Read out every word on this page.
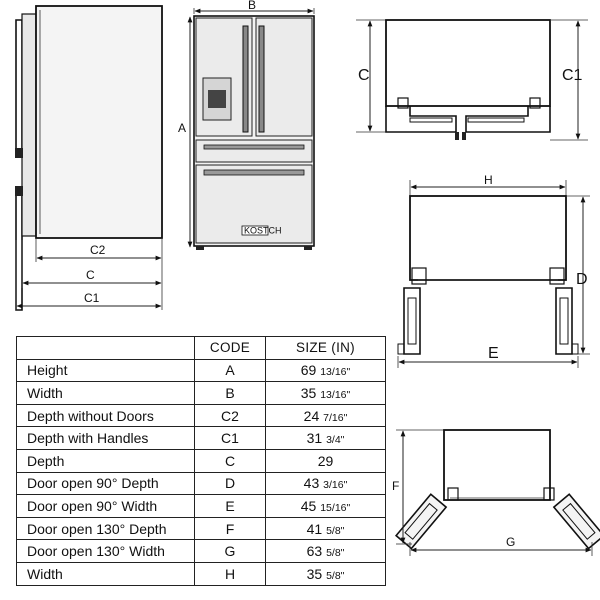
C2
C
C1
B
A
KOSTCH
C	C1
H
D
E
F
G
	CODE	SIZE (IN)
Height	A	69 13/16"
Width	B	35 13/16"
Depth without Doors	C2	24 7/16"
Depth with Handles	C1	31 3/4"
Depth	C	29
Door open 90° Depth	D	43 3/16"
Door open 90° Width	E	45 15/16"
Door open 130° Depth	F	41 5/8"
Door open 130° Width	G	63 5/8"
Width	H	35 5/8"
